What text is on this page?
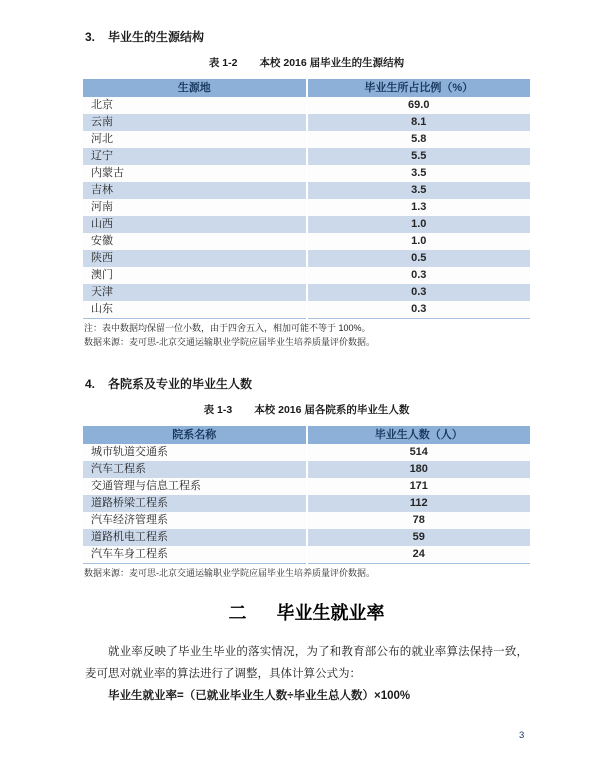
3. 毕业生的生源结构
表 1-2 本校 2016 届毕业生的生源结构
生源地	毕业生所占比例（%）
北京	69.0
云南	8.1
河北	5.8
辽宁	5.5
内蒙古	3.5
吉林	3.5
河南	1.3
山西	1.0
安徽	1.0
陕西	0.5
澳门	0.3
天津	0.3
山东	0.3
注：表中数据均保留一位小数，由于四舍五入，相加可能不等于 100%。
数据来源：麦可思-北京交通运输职业学院应届毕业生培养质量评价数据。
4. 各院系及专业的毕业生人数
表 1-3 本校 2016 届各院系的毕业生人数
院系名称	毕业生人数（人）
城市轨道交通系	514
汽车工程系	180
交通管理与信息工程系	171
道路桥梁工程系	112
汽车经济管理系	78
道路机电工程系	59
汽车车身工程系	24
数据来源：麦可思-北京交通运输职业学院应届毕业生培养质量评价数据。
二 毕业生就业率

就业率反映了毕业生毕业的落实情况，为了和教育部公布的就业率算法保持一致，麦可思对就业率的算法进行了调整，具体计算公式为：

毕业生就业率=（已就业毕业生人数÷毕业生总人数）×100%

3
